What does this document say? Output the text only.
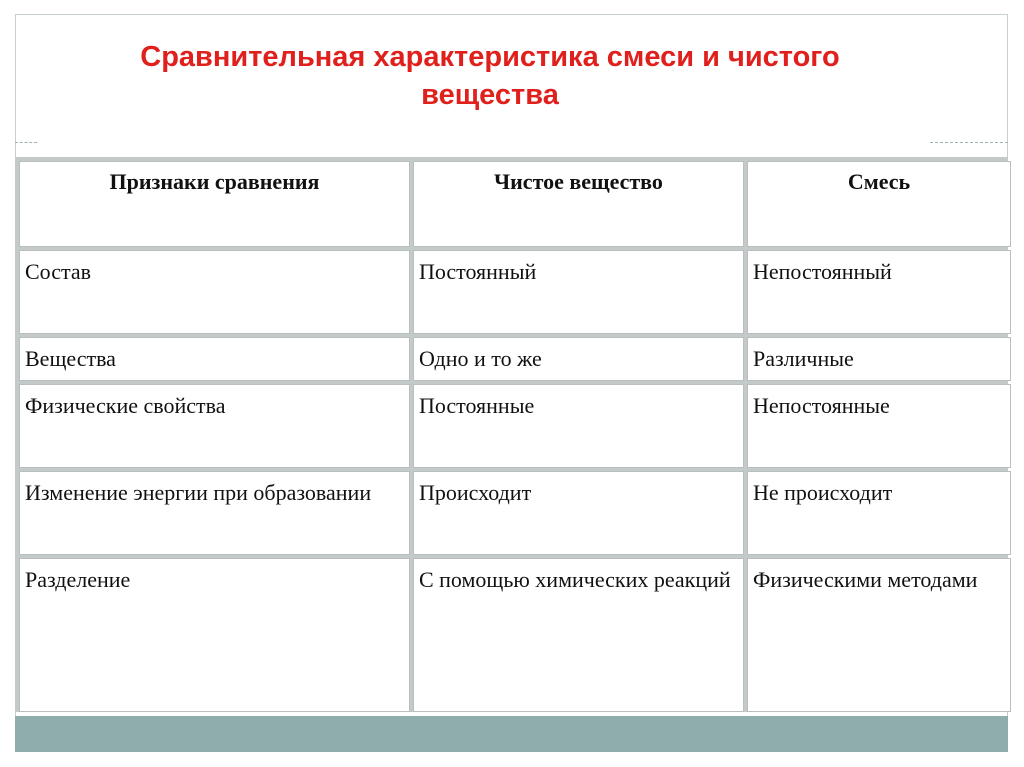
Сравнительная характеристика смеси и чистого
вещества
Признаки сравнения	Чистое вещество	Смесь
Состав	Постоянный	Непостоянный
Вещества	Одно и то же	Различные
Физические свойства	Постоянные	Непостоянные
Изменение энергии при образовании	Происходит	Не происходит
Разделение	С помощью химических реакций	Физическими методами
